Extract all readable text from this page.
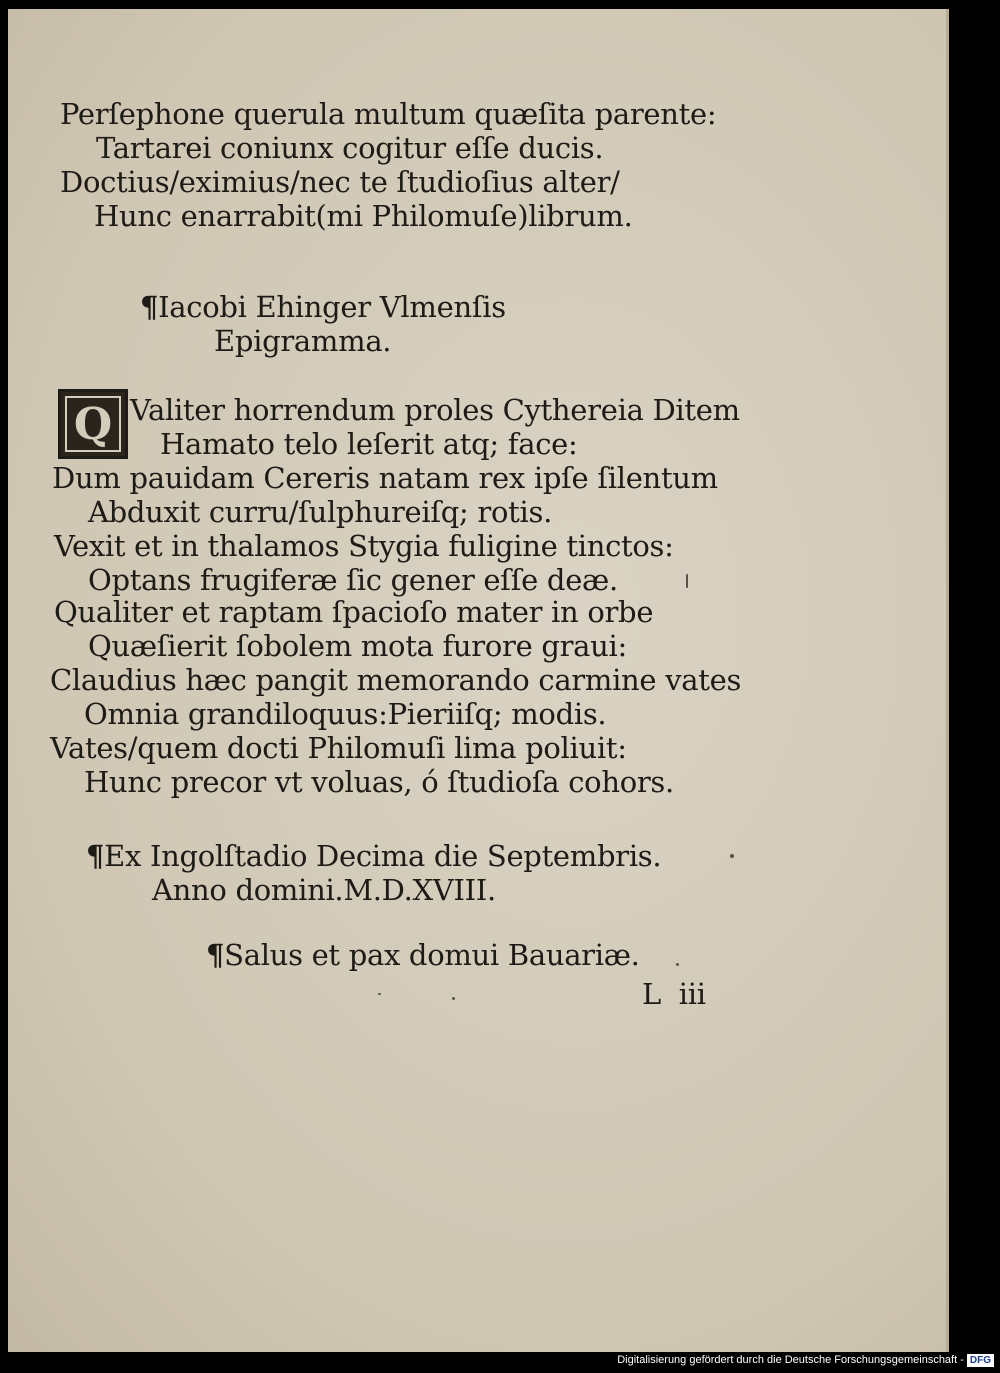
Perſephone querula multum quæſita parente:
Tartarei coniunx cogitur eſſe ducis.
Doctius/eximius/nec te ſtudioſius alter/
Hunc enarrabit(mi Philomuſe)librum.
¶Iacobi Ehinger Vlmenſis
Epigramma.
Q Valiter horrendum proles Cythereia Ditem
Hamato telo leſerit atq; face:
Dum pauidam Cereris natam rex ipſe ſilentum
Abduxit curru/ſulphureiſq; rotis.
Vexit et in thalamos Stygia fuligine tinctos:
Optans frugiferæ ſic gener eſſe deæ.
Qualiter et raptam ſpacioſo mater in orbe
Quæſierit ſobolem mota furore graui:
Claudius hæc pangit memorando carmine vates
Omnia grandiloquus:Pieriiſq; modis.
Vates/quem docti Philomuſi lima poliuit:
Hunc precor vt voluas, ó ſtudioſa cohors.
¶Ex Ingolſtadio Decima die Septembris.
Anno domini.M.D.XVIII.
¶Salus et pax domui Bauariæ.
L  iii
Digitalisierung gefördert durch die Deutsche Forschungsgemeinschaft - DFG
